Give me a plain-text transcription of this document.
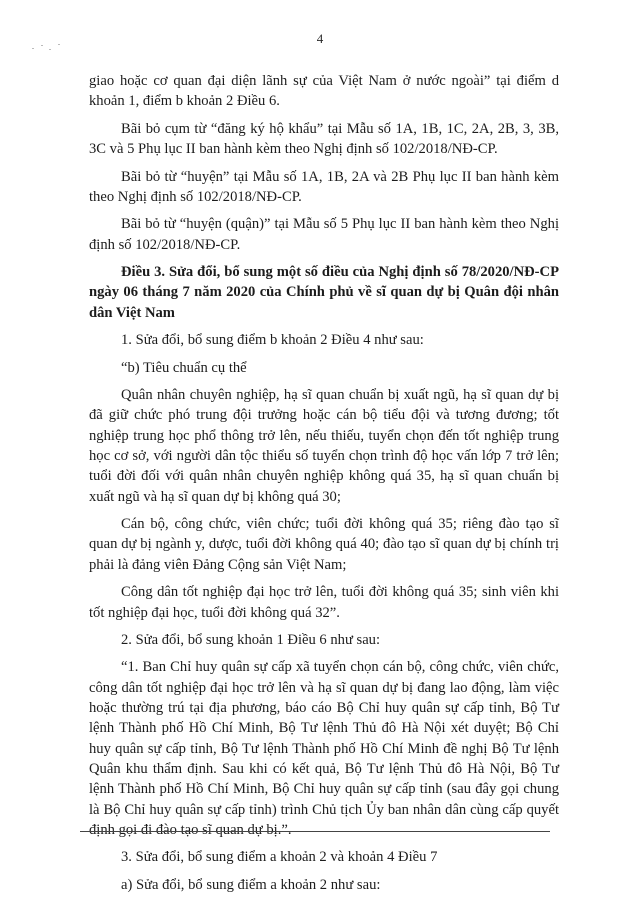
4

giao hoặc cơ quan đại diện lãnh sự của Việt Nam ở nước ngoài” tại điểm d khoản 1, điểm b khoản 2 Điều 6.

Bãi bỏ cụm từ “đăng ký hộ khẩu” tại Mẫu số 1A, 1B, 1C, 2A, 2B, 3, 3B, 3C và 5 Phụ lục II ban hành kèm theo Nghị định số 102/2018/NĐ-CP.

Bãi bỏ từ “huyện” tại Mẫu số 1A, 1B, 2A và 2B Phụ lục II ban hành kèm theo Nghị định số 102/2018/NĐ-CP.

Bãi bỏ từ “huyện (quận)” tại Mẫu số 5 Phụ lục II ban hành kèm theo Nghị định số 102/2018/NĐ-CP.

Điều 3. Sửa đổi, bổ sung một số điều của Nghị định số 78/2020/NĐ-CP ngày 06 tháng 7 năm 2020 của Chính phủ về sĩ quan dự bị Quân đội nhân dân Việt Nam

1. Sửa đổi, bổ sung điểm b khoản 2 Điều 4 như sau:

“b) Tiêu chuẩn cụ thể

Quân nhân chuyên nghiệp, hạ sĩ quan chuẩn bị xuất ngũ, hạ sĩ quan dự bị đã giữ chức phó trung đội trưởng hoặc cán bộ tiểu đội và tương đương; tốt nghiệp trung học phổ thông trở lên, nếu thiếu, tuyển chọn đến tốt nghiệp trung học cơ sở, với người dân tộc thiểu số tuyển chọn trình độ học vấn lớp 7 trở lên; tuổi đời đối với quân nhân chuyên nghiệp không quá 35, hạ sĩ quan chuẩn bị xuất ngũ và hạ sĩ quan dự bị không quá 30;

Cán bộ, công chức, viên chức; tuổi đời không quá 35; riêng đào tạo sĩ quan dự bị ngành y, dược, tuổi đời không quá 40; đào tạo sĩ quan dự bị chính trị phải là đảng viên Đảng Cộng sản Việt Nam;

Công dân tốt nghiệp đại học trở lên, tuổi đời không quá 35; sinh viên khi tốt nghiệp đại học, tuổi đời không quá 32”.

2. Sửa đổi, bổ sung khoản 1 Điều 6 như sau:

“1. Ban Chỉ huy quân sự cấp xã tuyển chọn cán bộ, công chức, viên chức, công dân tốt nghiệp đại học trở lên và hạ sĩ quan dự bị đang lao động, làm việc hoặc thường trú tại địa phương, báo cáo Bộ Chỉ huy quân sự cấp tỉnh, Bộ Tư lệnh Thành phố Hồ Chí Minh, Bộ Tư lệnh Thủ đô Hà Nội xét duyệt; Bộ Chỉ huy quân sự cấp tỉnh, Bộ Tư lệnh Thành phố Hồ Chí Minh đề nghị Bộ Tư lệnh Quân khu thẩm định. Sau khi có kết quả, Bộ Tư lệnh Thủ đô Hà Nội, Bộ Tư lệnh Thành phố Hồ Chí Minh, Bộ Chỉ huy quân sự cấp tỉnh (sau đây gọi chung là Bộ Chỉ huy quân sự cấp tỉnh) trình Chủ tịch Ủy ban nhân dân cùng cấp quyết định gọi đi đào tạo sĩ quan dự bị.”.

3. Sửa đổi, bổ sung điểm a khoản 2 và khoản 4 Điều 7

a) Sửa đổi, bổ sung điểm a khoản 2 như sau:
